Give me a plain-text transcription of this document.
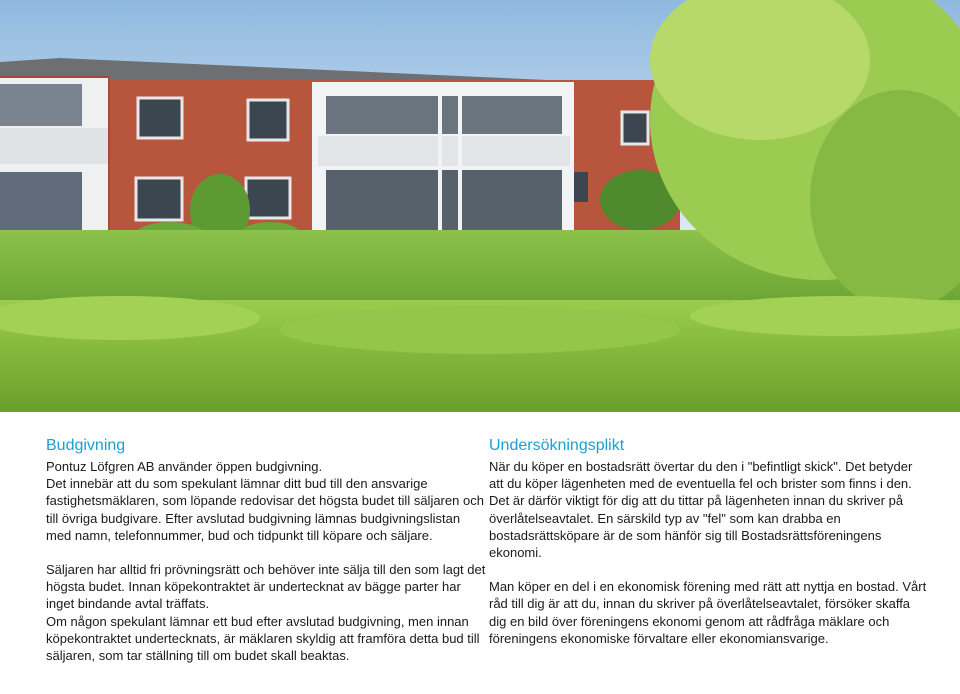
Budgivning

Pontuz Löfgren AB använder öppen budgivning.

Det innebär att du som spekulant lämnar ditt bud till den ansvarige fastighetsmäklaren, som löpande redovisar det högsta budet till säljaren och till övriga budgivare. Efter avslutad budgivning lämnas budgivningslistan med namn, telefonnummer, bud och tidpunkt till köpare och säljare.

Säljaren har alltid fri prövningsrätt och behöver inte sälja till den som lagt det högsta budet. Innan köpekontraktet är undertecknat av bägge parter har inget bindande avtal träffats.

Om någon spekulant lämnar ett bud efter avslutad budgivning, men innan köpekontraktet undertecknats, är mäklaren skyldig att framföra detta bud till säljaren, som tar ställning till om budet skall beaktas.

Undersökningsplikt

När du köper en bostadsrätt övertar du den i "befintligt skick". Det betyder att du köper lägenheten med de eventuella fel och brister som finns i den. Det är därför viktigt för dig att du tittar på lägenheten innan du skriver på överlåtelseavtalet. En särskild typ av "fel" som kan drabba en bostadsrättsköpare är de som hänför sig till Bostadsrättsföreningens ekonomi.

Man köper en del i en ekonomisk förening med rätt att nyttja en bostad. Vårt råd till dig är att du, innan du skriver på överlåtelseavtalet, försöker skaffa dig en bild över föreningens ekonomi genom att rådfråga mäklare och föreningens ekonomiske förvaltare eller ekonomiansvarige.
